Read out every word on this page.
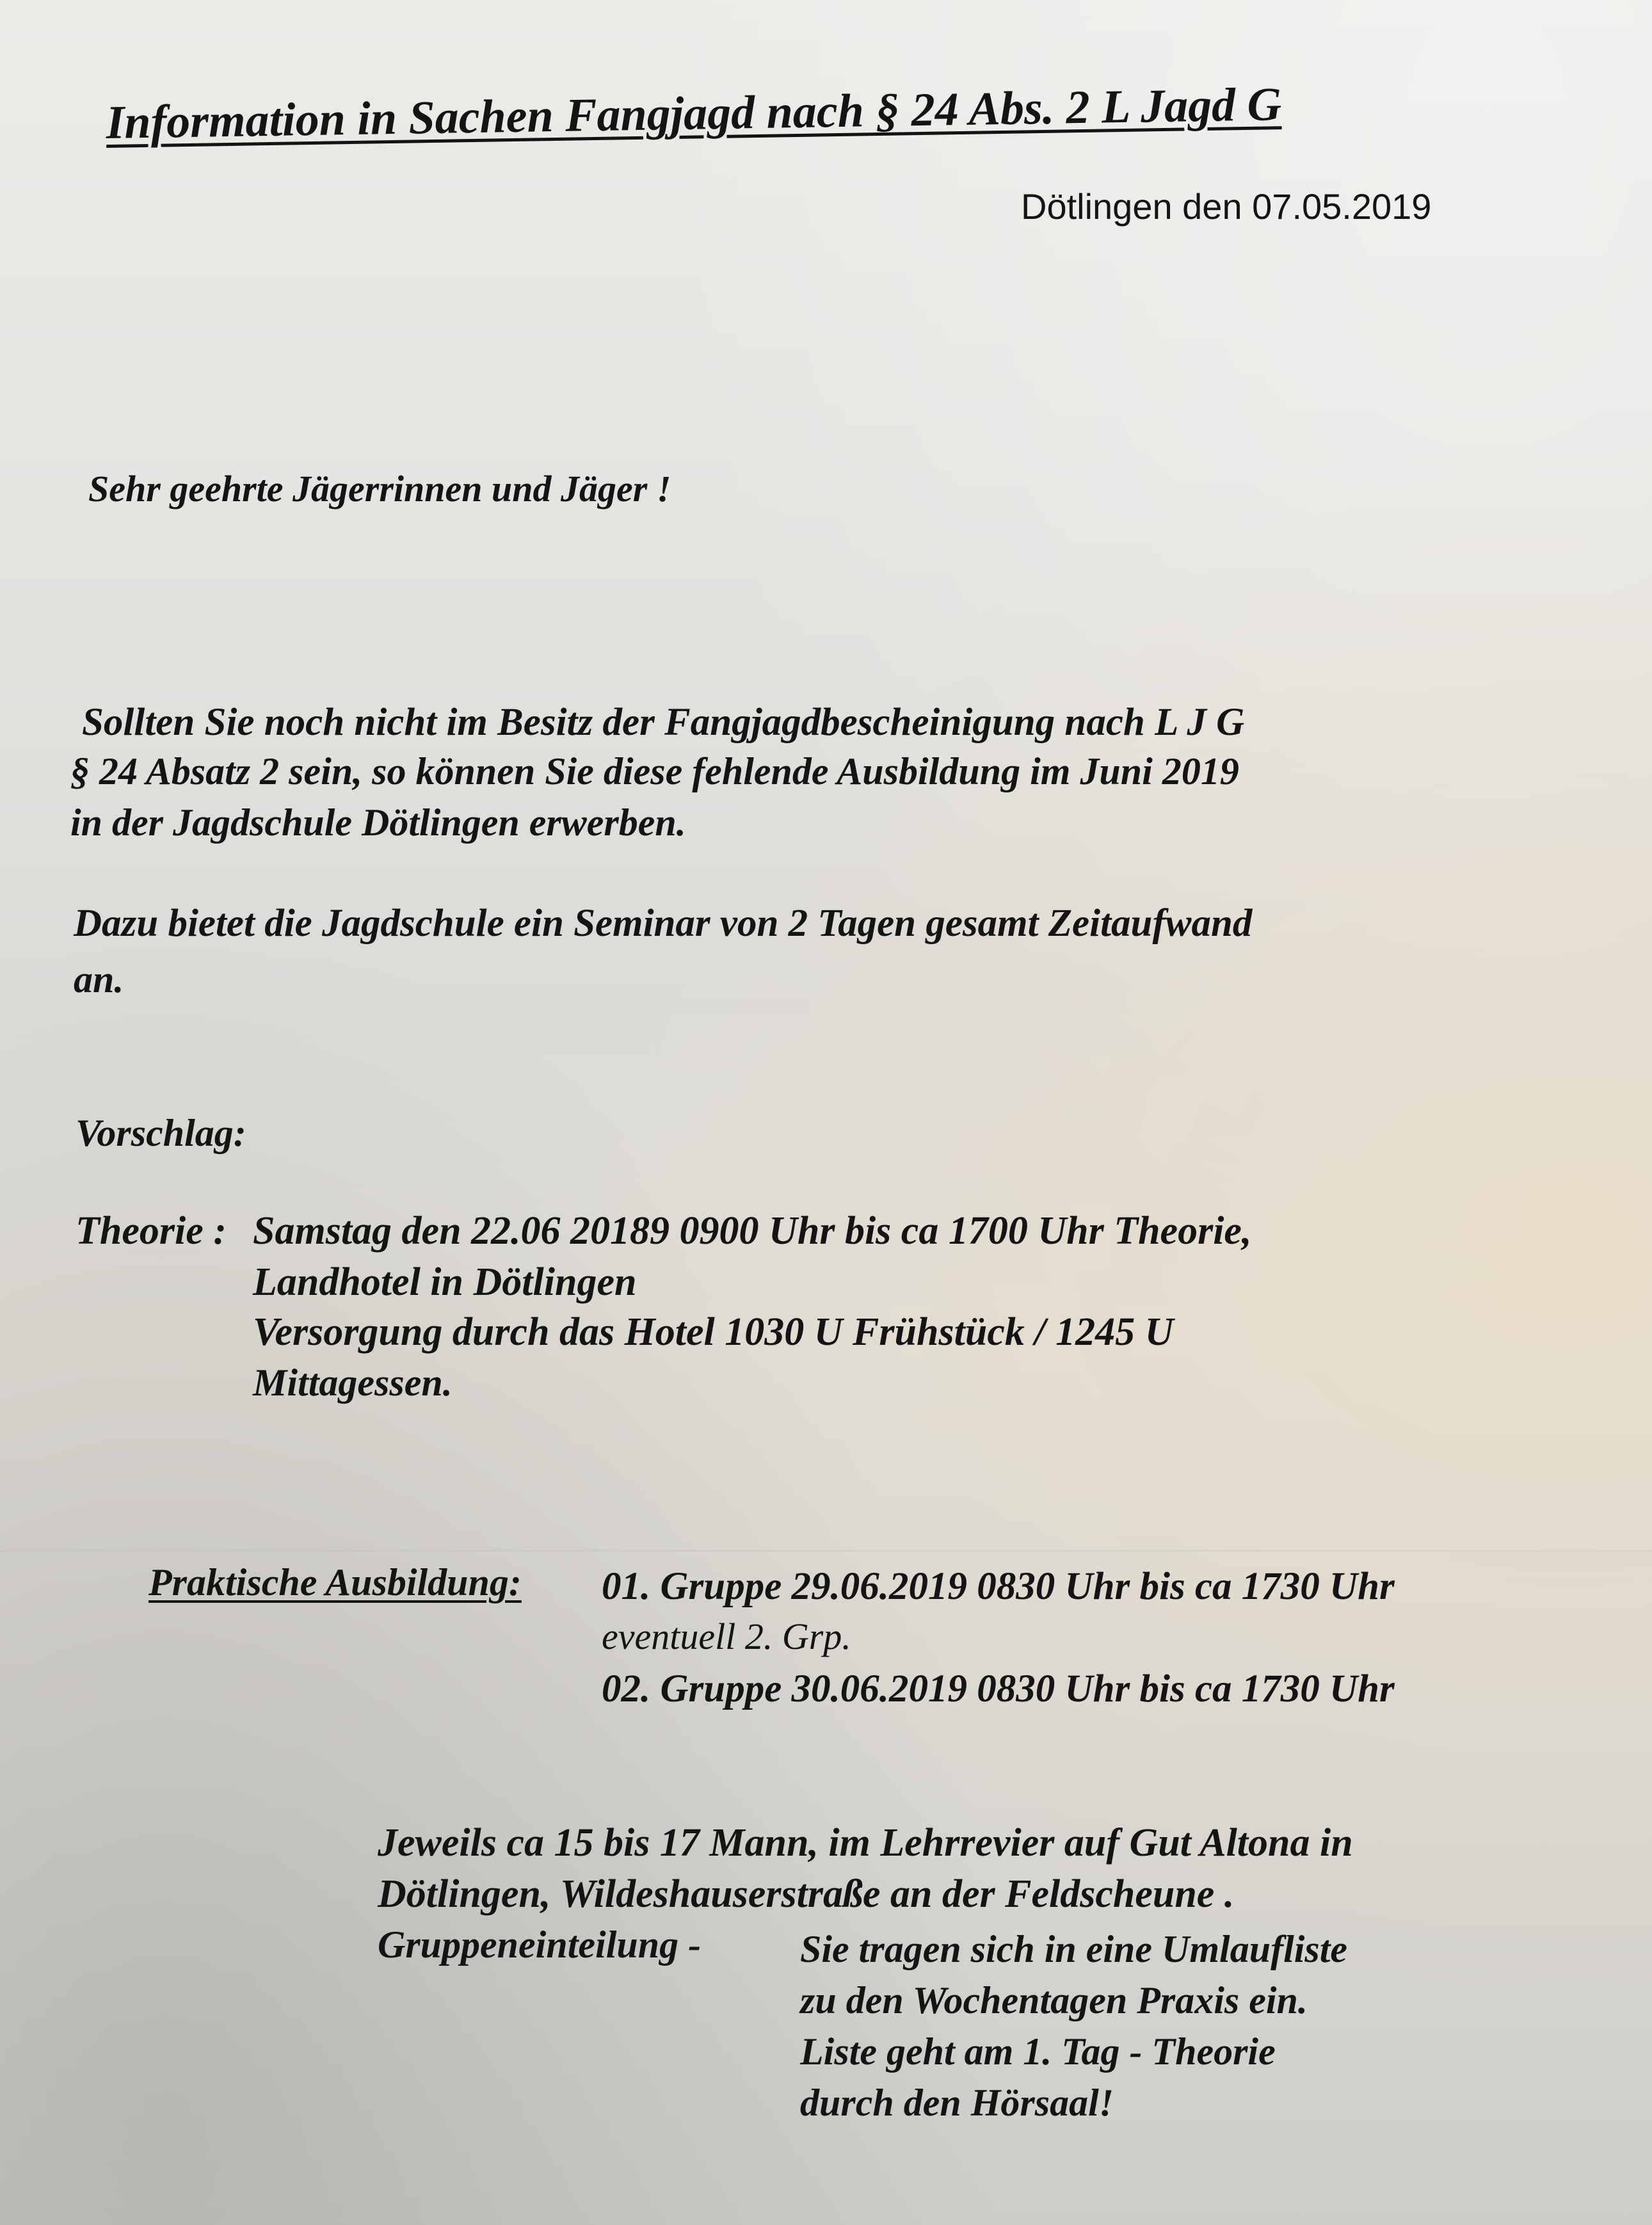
Information in Sachen Fangjagd nach § 24 Abs. 2 L Jagd G
Dötlingen den 07.05.2019
Sehr geehrte Jägerrinnen und Jäger !
Sollten Sie noch nicht im Besitz der Fangjagdbescheinigung nach L J G
§ 24 Absatz 2 sein, so können Sie diese fehlende Ausbildung im Juni 2019
in der Jagdschule Dötlingen erwerben.
Dazu bietet die Jagdschule ein Seminar von 2 Tagen gesamt Zeitaufwand
an.
Vorschlag:
Theorie : Samstag den 22.06 20189 0900 Uhr bis ca 1700 Uhr Theorie,
Landhotel in Dötlingen
Versorgung durch das Hotel 1030 U Frühstück / 1245 U
Mittagessen.
Praktische Ausbildung: 01. Gruppe 29.06.2019 0830 Uhr bis ca 1730 Uhr
eventuell 2. Grp.
02. Gruppe 30.06.2019 0830 Uhr bis ca 1730 Uhr
Jeweils ca 15 bis 17 Mann, im Lehrrevier auf Gut Altona in
Dötlingen, Wildeshauserstraße an der Feldscheune .
Gruppeneinteilung -	Sie tragen sich in eine Umlaufliste
zu den Wochentagen Praxis ein.
Liste geht am 1. Tag - Theorie
durch den Hörsaal!
